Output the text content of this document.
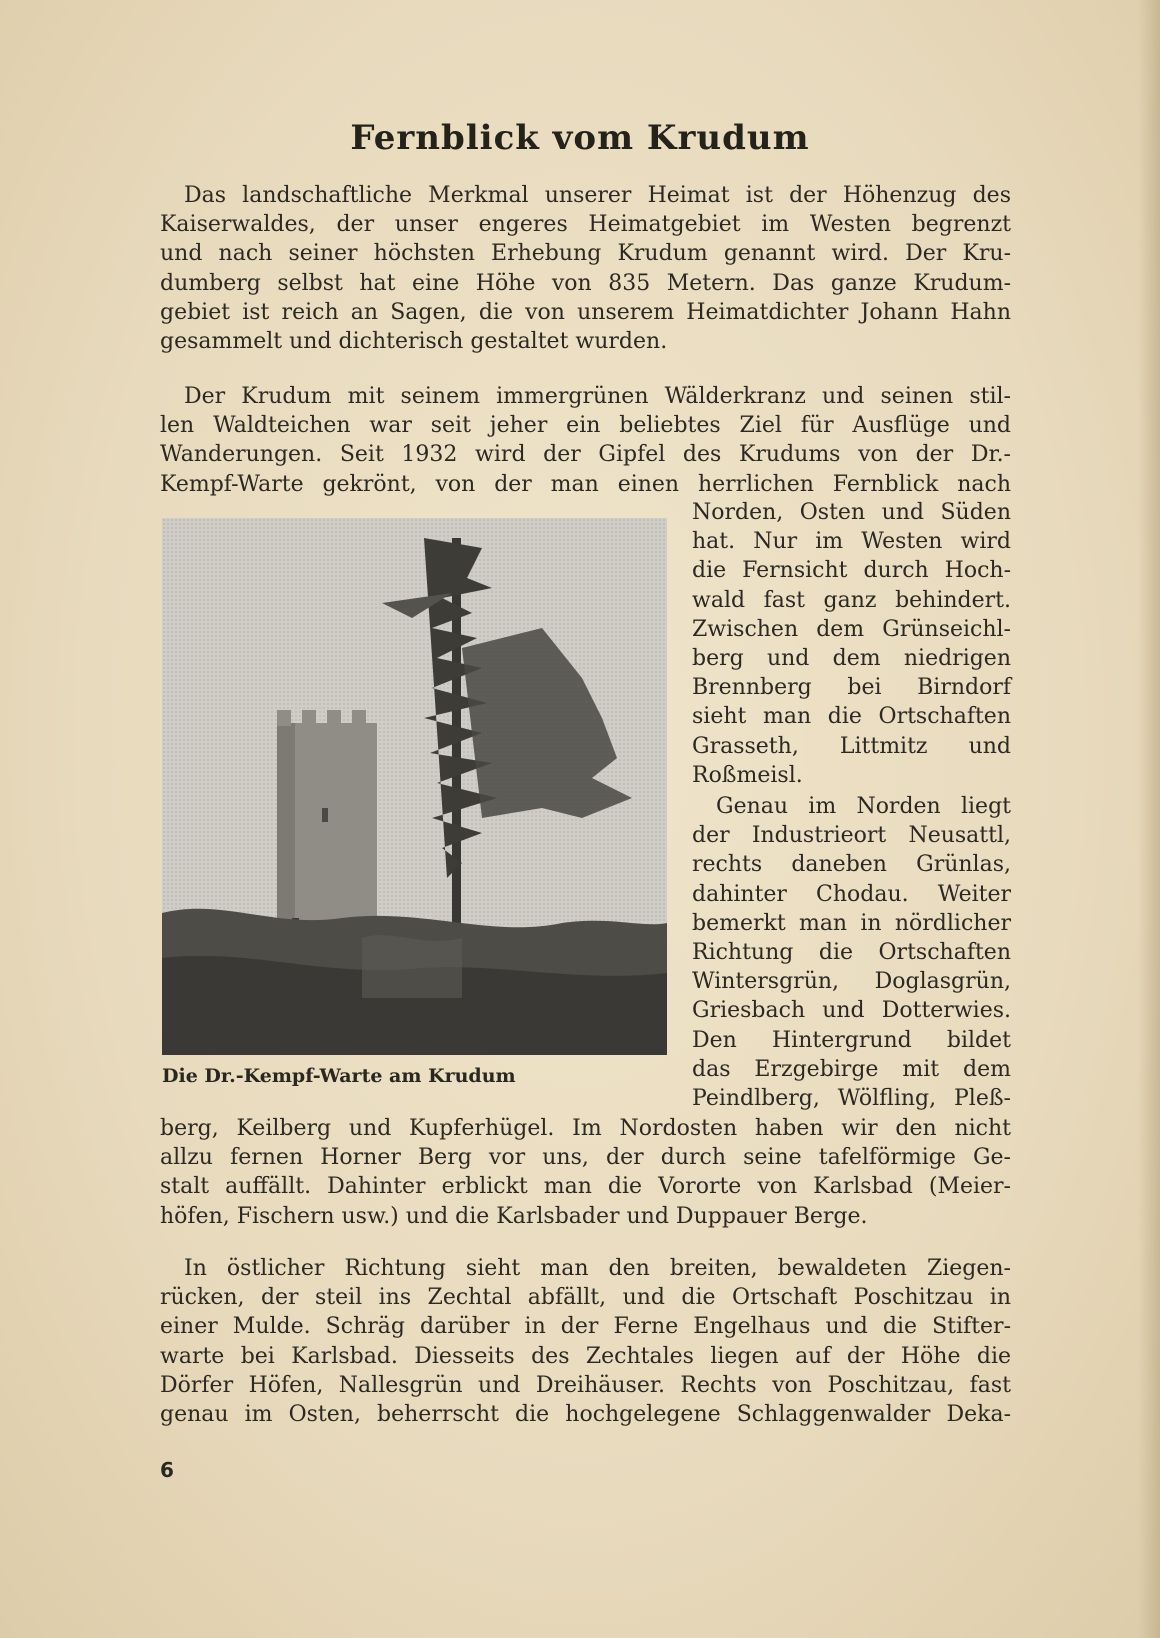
Fernblick vom Krudum
Das landschaftliche Merkmal unserer Heimat ist der Höhenzug des
Kaiserwaldes, der unser engeres Heimatgebiet im Westen begrenzt
und nach seiner höchsten Erhebung Krudum genannt wird. Der Kru-
dumberg selbst hat eine Höhe von 835 Metern. Das ganze Krudum-
gebiet ist reich an Sagen, die von unserem Heimatdichter Johann Hahn
gesammelt und dichterisch gestaltet wurden.
Der Krudum mit seinem immergrünen Wälderkranz und seinen stil-
len Waldteichen war seit jeher ein beliebtes Ziel für Ausflüge und
Wanderungen. Seit 1932 wird der Gipfel des Krudums von der Dr.-
Kempf-Warte gekrönt, von der man einen herrlichen Fernblick nach
Norden, Osten und Süden
hat. Nur im Westen wird
die Fernsicht durch Hoch-
wald fast ganz behindert.
Zwischen dem Grünseichl-
berg und dem niedrigen
Brennberg bei Birndorf
sieht man die Ortschaften
Grasseth, Littmitz und
Roßmeisl.
Genau im Norden liegt
der Industrieort Neusattl,
rechts daneben Grünlas,
dahinter Chodau. Weiter
bemerkt man in nördlicher
Richtung die Ortschaften
Wintersgrün, Doglasgrün,
Griesbach und Dotterwies.
Den Hintergrund bildet
das Erzgebirge mit dem
Peindlberg, Wölfling, Pleß-
Die Dr.-Kempf-Warte am Krudum
berg, Keilberg und Kupferhügel. Im Nordosten haben wir den nicht
allzu fernen Horner Berg vor uns, der durch seine tafelförmige Ge-
stalt auffällt. Dahinter erblickt man die Vororte von Karlsbad (Meier-
höfen, Fischern usw.) und die Karlsbader und Duppauer Berge.
In östlicher Richtung sieht man den breiten, bewaldeten Ziegen-
rücken, der steil ins Zechtal abfällt, und die Ortschaft Poschitzau in
einer Mulde. Schräg darüber in der Ferne Engelhaus und die Stifter-
warte bei Karlsbad. Diesseits des Zechtales liegen auf der Höhe die
Dörfer Höfen, Nallesgrün und Dreihäuser. Rechts von Poschitzau, fast
genau im Osten, beherrscht die hochgelegene Schlaggenwalder Deka-
6
